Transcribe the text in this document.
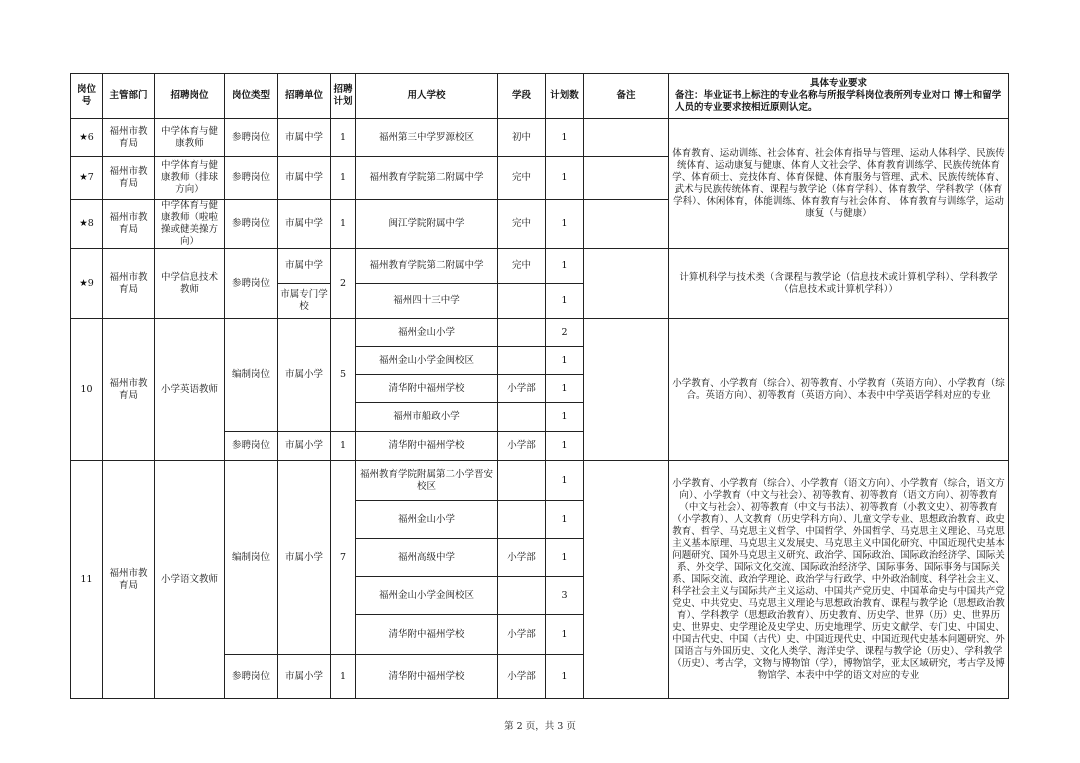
岗位号	主管部门	招聘岗位	岗位类型	招聘单位	招聘计划	用人学校	学段	计划数	备注	具体专业要求
备注：毕业证书上标注的专业名称与所报学科岗位表所列专业对口 博士和留学人员的专业要求按相近原则认定。

★6	福州市教育局	中学体育与健康教师	参聘岗位	市属中学	1	福州第三中学罗源校区	初中	1		体育教育、运动训练、社会体育、社会体育指导与管理、运动人体科学、民族传统体育、运动康复与健康、体育人文社会学、体育教育训练学、民族传统体育学、体育硕士、竞技体育、体育保健、体育服务与管理、武术、民族传统体育、武术与民族传统体育、课程与教学论（体育学科）、体育教学、学科教学（体育学科）、休闲体育，体能训练、体育教育与社会体育、 体育教育与训练学，运动康复（与健康）
★7	福州市教育局	中学体育与健康教师（排球方向）	参聘岗位	市属中学	1	福州教育学院第二附属中学	完中	1		
★8	福州市教育局	中学体育与健康教师（啦啦操或健美操方向）	参聘岗位	市属中学	1	闽江学院附属中学	完中	1		
★9	福州市教育局	中学信息技术教师	参聘岗位	市属中学	2	福州教育学院第二附属中学	完中	1		计算机科学与技术类（含课程与教学论（信息技术或计算机学科）、学科教学（信息技术或计算机学科））
				市属专门学校		福州四十三中学		1		
10	福州市教育局	小学英语教师	编制岗位	市属小学	5	福州金山小学		2		小学教育、小学教育（综合）、初等教育、小学教育（英语方向）、小学教育（综合。英语方向）、初等教育（英语方向）、本表中中学英语学科对应的专业
						福州金山小学金闽校区		1		
						清华附中福州学校	小学部	1		
						福州市船政小学		1		
			参聘岗位	市属小学	1	清华附中福州学校	小学部	1		
11	福州市教育局	小学语文教师	编制岗位	市属小学	7	福州教育学院附属第二小学晋安校区		1		小学教育、小学教育（综合）、小学教育（语文方向）、小学教育（综合，语文方向）、小学教育（中文与社会）、初等教育、初等教育（语文方向）、初等教育（中文与社会）、初等教育（中文与书法）、初等教育（小教文史）、初等教育（小学教育）、人文教育（历史学科方向）、儿童文学专业、思想政治教育、政史教育、哲学、马克思主义哲学、中国哲学、外国哲学、马克思主义理论、马克思主义基本原理、马克思主义发展史、马克思主义中国化研究、中国近现代史基本问题研究、国外马克思主义研究、政治学、国际政治、国际政治经济学、国际关系、外交学、国际文化交流、国际政治经济学、国际事务、国际事务与国际关系、国际交流、政治学理论、政治学与行政学、中外政治制度、科学社会主义、科学社会主义与国际共产主义运动、中国共产党历史、中国革命史与中国共产党党史、中共党史、马克思主义理论与思想政治教育、课程与教学论（思想政治教育）、学科教学（思想政治教育）、历史教育、历史学、世界（历）史、世界历史、世界史、史学理论及史学史、历史地理学、历史文献学、专门史、中国史、中国古代史、中国（古代）史、中国近现代史、中国近现代史基本问题研究、外国语言与外国历史、文化人类学、海洋史学、课程与教学论（历史）、学科教学（历史）、考古学，文物与博物馆（学），博物馆学，亚太区域研究，考古学及博物馆学、本表中中学的语文对应的专业
						福州金山小学		1		
						福州高级中学	小学部	1		
						福州金山小学金闽校区		3		
						清华附中福州学校	小学部	1		
			参聘岗位	市属小学	1	清华附中福州学校	小学部	1		
第 2 页，共 3 页
